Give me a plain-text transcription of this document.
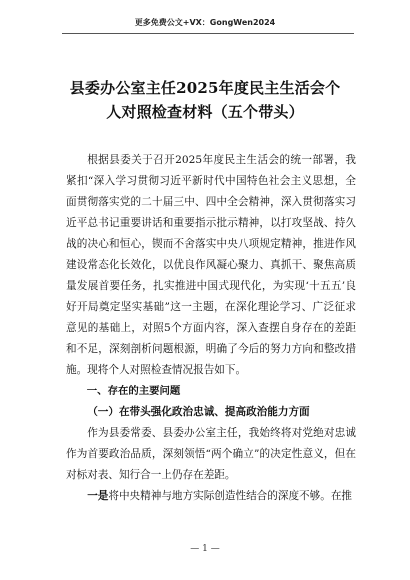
更多免费公文+VX：GongWen2024
县委办公室主任2025年度民主生活会个
人对照检查材料（五个带头）

根据县委关于召开2025年度民主生活会的统一部署，我紧扣“深入学习贯彻习近平新时代中国特色社会主义思想，全面贯彻落实党的二十届三中、四中全会精神，深入贯彻落实习近平总书记重要讲话和重要指示批示精神，以打攻坚战、持久战的决心和恒心，锲而不舍落实中央八项规定精神，推进作风建设常态化长效化，以优良作风凝心聚力、真抓干、聚焦高质量发展首要任务，扎实推进中国式现代化，为实现‘十五五’良好开局奠定坚实基础”这一主题，在深化理论学习、广泛征求意见的基础上，对照5个方面内容，深入查摆自身存在的差距和不足，深刻剖析问题根源，明确了今后的努力方向和整改措施。现将个人对照检查情况报告如下。

一、存在的主要问题
（一）在带头强化政治忠诚、提高政治能力方面

作为县委常委、县委办公室主任，我始终将对党绝对忠诚作为首要政治品质，深刻领悟“两个确立”的决定性意义，但在对标对表、知行合一上仍存在差距。

一是将中央精神与地方实际创造性结合的深度不够。在推

— 1 —
